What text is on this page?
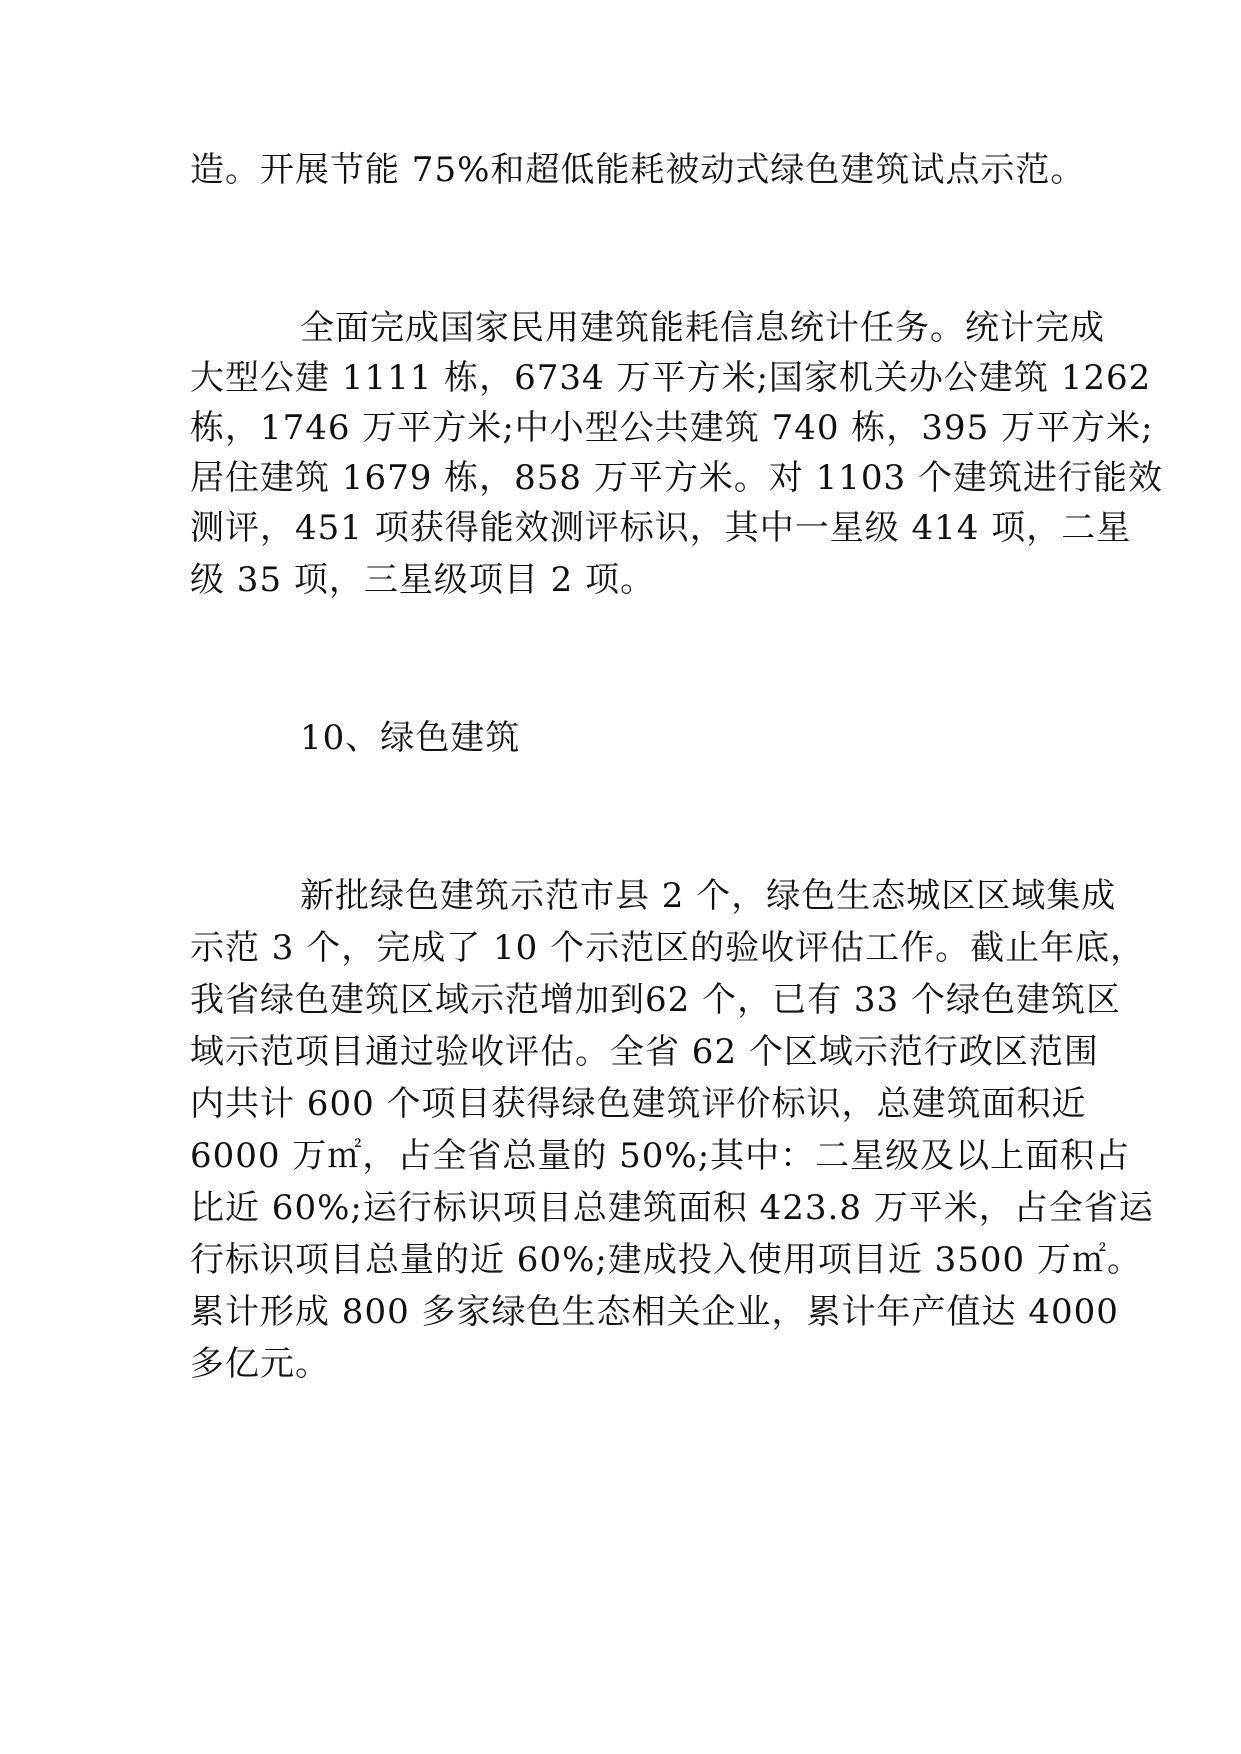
造。开展节能 75%和超低能耗被动式绿色建筑试点示范。
全面完成国家民用建筑能耗信息统计任务。统计完成
大型公建 1111 栋，6734 万平方米;国家机关办公建筑 1262
栋，1746 万平方米;中小型公共建筑 740 栋，395 万平方米;
居住建筑 1679 栋，858 万平方米。对 1103 个建筑进行能效
测评，451 项获得能效测评标识，其中一星级 414 项，二星
级 35 项，三星级项目 2 项。
10、绿色建筑
新批绿色建筑示范市县 2 个，绿色生态城区区域集成
示范 3 个，完成了 10 个示范区的验收评估工作。截止年底，
我省绿色建筑区域示范增加到62 个，已有 33 个绿色建筑区
域示范项目通过验收评估。全省 62 个区域示范行政区范围
内共计 600 个项目获得绿色建筑评价标识，总建筑面积近
6000 万㎡，占全省总量的 50%;其中：二星级及以上面积占
比近 60%;运行标识项目总建筑面积 423.8 万平米，占全省运
行标识项目总量的近 60%;建成投入使用项目近 3500 万㎡。
累计形成 800 多家绿色生态相关企业，累计年产值达 4000
多亿元。
